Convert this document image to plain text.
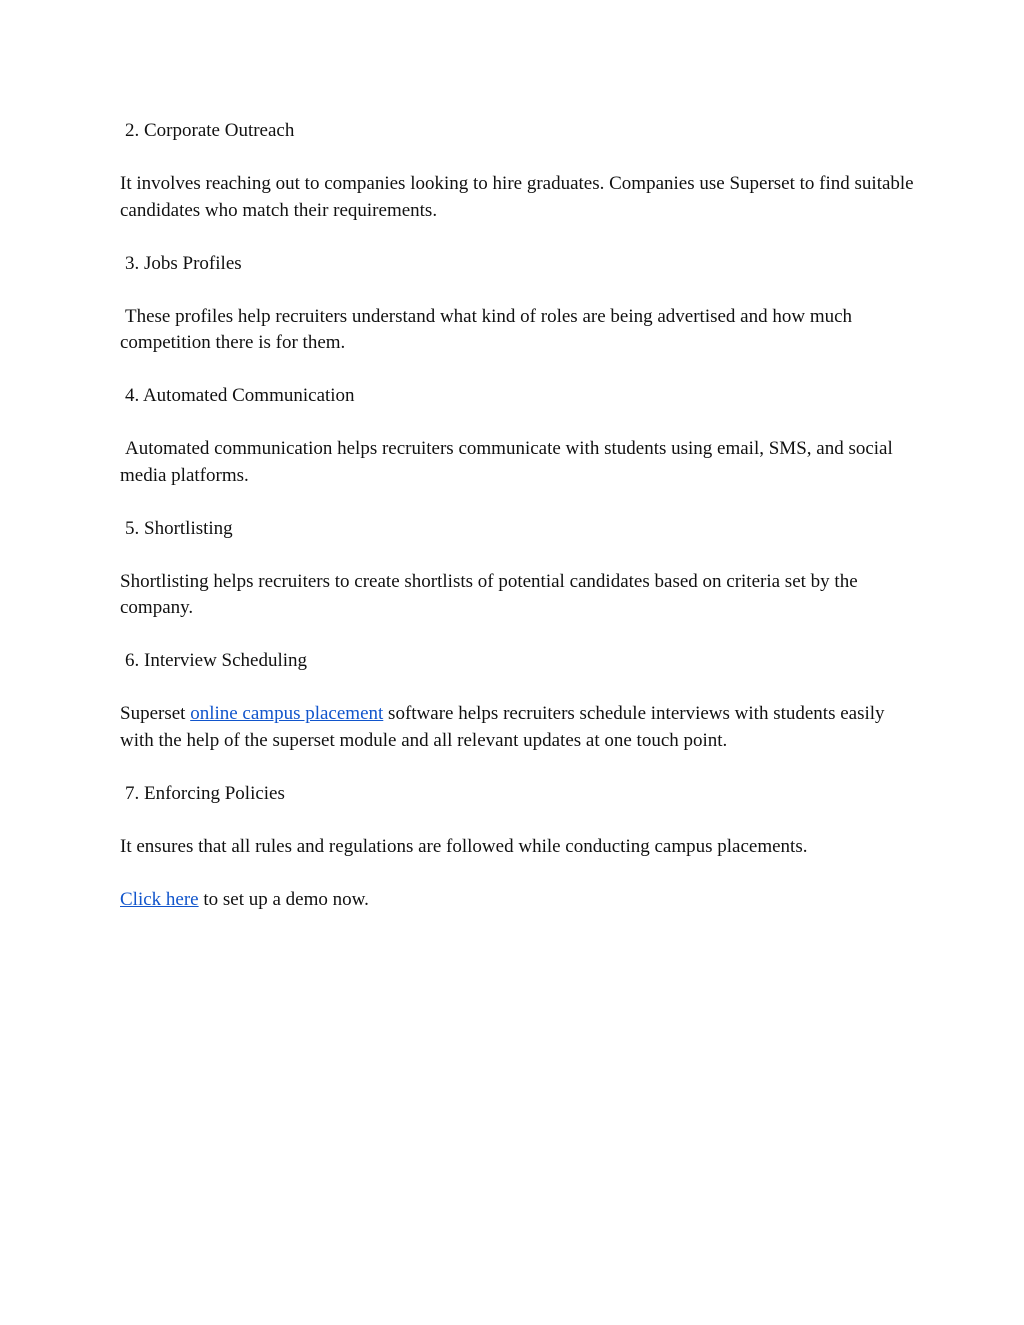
2. Corporate Outreach
It involves reaching out to companies looking to hire graduates. Companies use Superset to find suitable candidates who match their requirements.
3. Jobs Profiles
These profiles help recruiters understand what kind of roles are being advertised and how much competition there is for them.
4. Automated Communication
Automated communication helps recruiters communicate with students using email, SMS, and social media platforms.
5. Shortlisting
Shortlisting helps recruiters to create shortlists of potential candidates based on criteria set by the company.
6. Interview Scheduling
Superset online campus placement software helps recruiters schedule interviews with students easily with the help of the superset module and all relevant updates at one touch point.
7. Enforcing Policies
It ensures that all rules and regulations are followed while conducting campus placements.
Click here to set up a demo now.
